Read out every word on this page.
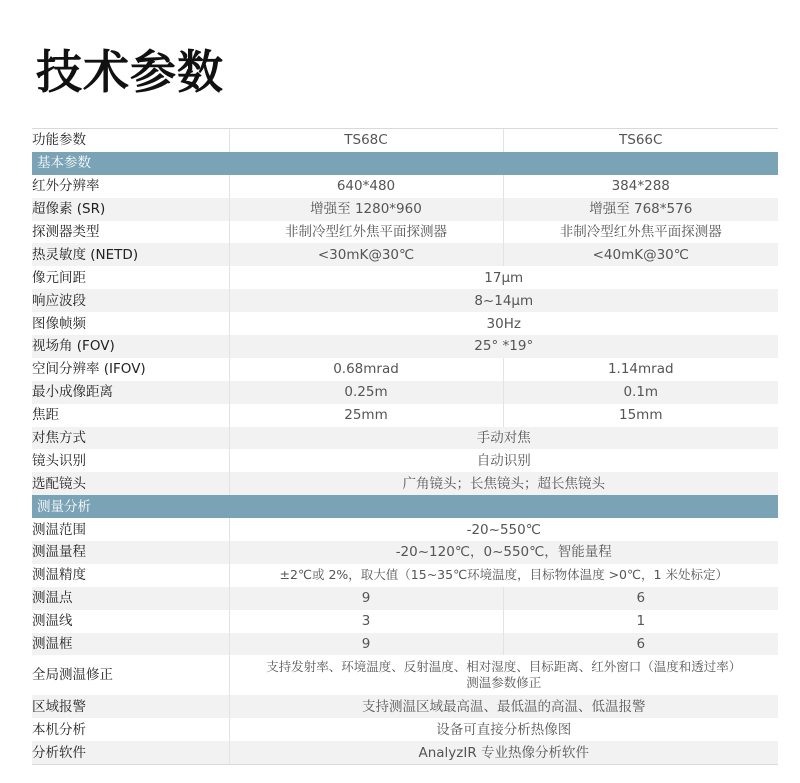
技术参数
功能参数	TS68C	TS66C
基本参数		
红外分辨率	640*480	384*288
超像素 (SR)	增强至 1280*960	增强至 768*576
探测器类型	非制冷型红外焦平面探测器	非制冷型红外焦平面探测器
热灵敏度 (NETD)	<30mK@30℃	<40mK@30℃
像元间距	17μm	
响应波段	8~14μm	
图像帧频	30Hz	
视场角 (FOV)	25° *19°	
空间分辨率 (IFOV)	0.68mrad	1.14mrad
最小成像距离	0.25m	0.1m
焦距	25mm	15mm
对焦方式	手动对焦	
镜头识别	自动识别	
选配镜头	广角镜头；长焦镜头；超长焦镜头	
测量分析		
测温范围	-20~550℃	
测温量程	-20~120℃，0~550℃，智能量程	
测温精度	±2℃或 2%，取大值（15~35℃环境温度，目标物体温度 >0℃，1 米处标定）	
测温点	9	6
测温线	3	1
测温框	9	6
全局测温修正	支持发射率、环境温度、反射温度、相对湿度、目标距离、红外窗口（温度和透过率）
测温参数修正	

区域报警	支持测温区域最高温、最低温的高温、低温报警	
本机分析	设备可直接分析热像图	
分析软件	AnalyzIR 专业热像分析软件	
